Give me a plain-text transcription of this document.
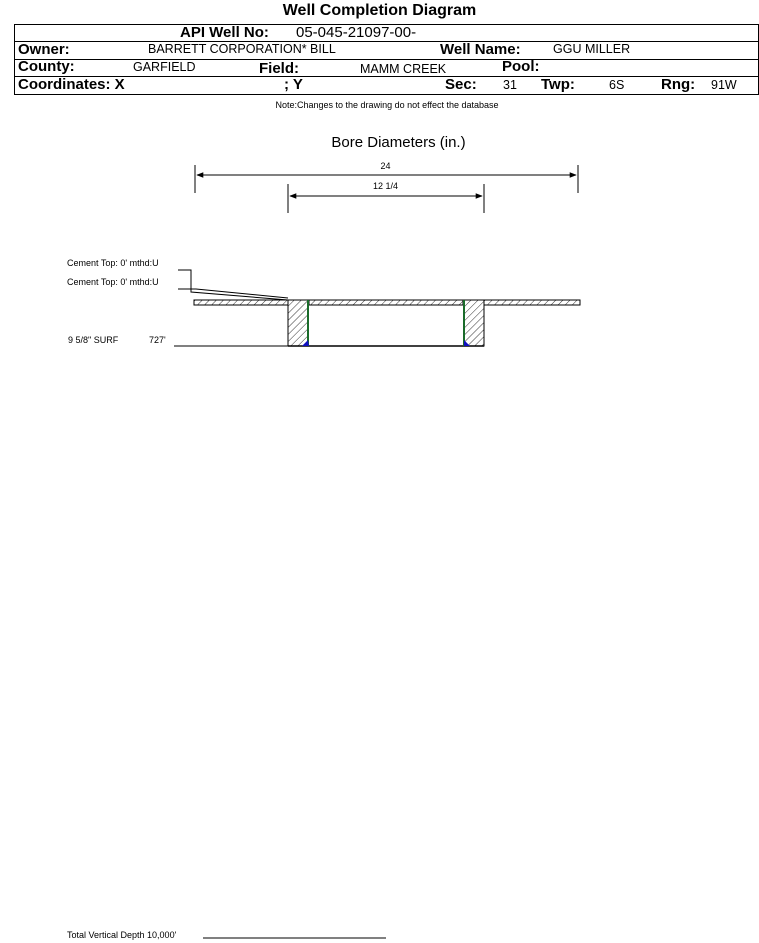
Well Completion Diagram
API Well No: 05-045-21097-00-
Owner:	BARRETT CORPORATION* BILL	Well Name:	GGU MILLER
County:	GARFIELD	Field:	MAMM CREEK	Pool:
Coordinates: X	; Y	Sec: 31 Twp:	6S Rng: 91W
Note:Changes to the drawing do not effect the database
Bore Diameters (in.)
24
12 1/4
Cement Top: 0' mthd:U
Cement Top: 0' mthd:U
9 5/8" SURF	727'
Total Vertical Depth 10,000'
